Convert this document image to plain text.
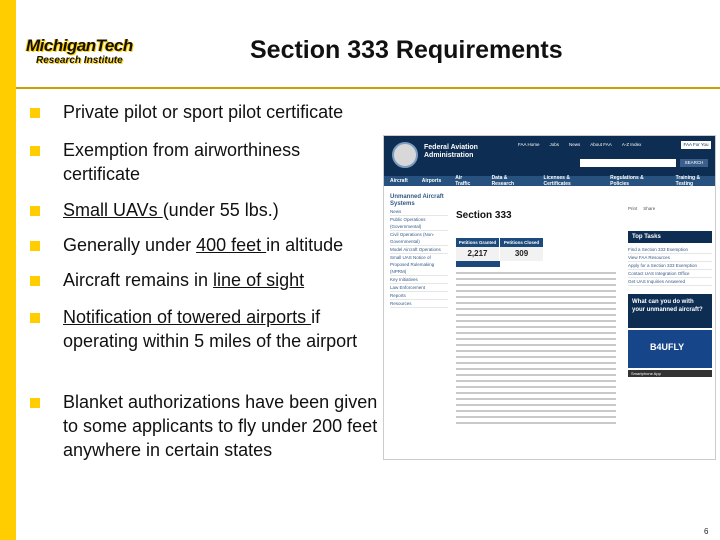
MichiganTech
Research Institute	Section 333 Requirements
Private pilot or sport pilot certificate
Exemption from airworthiness certificate
Small UAVs (under 55 lbs.)
Generally under 400 feet in altitude
Aircraft remains in line of sight
Notification of towered airports if operating within 5 miles of the airport
Blanket authorizations have been given to some applicants to fly under 200 feet anywhere in certain states
Federal Aviation
Administration
FAA Home Jobs News About FAA A-Z Index	FAA For You
SEARCH
Aircraft	Airports	Air Traffic
Data & Research
Licenses & Certificates
Regulations & Policies
Training & Testing
Unmanned Aircraft Systems
News
Public Operations (Governmental)
Civil Operations (Non-Governmental)
Model Aircraft Operations
Small UAS Notice of Proposed Rulemaking (NPRM)
Key Initiatives
Law Enforcement
Reports
Resources
Section 333
Petitions Granted	Petitions Closed
2,217	309
Print Share
Top Tasks
Find a Section 333 Exemption
View FAA Resources
Apply for a Section 333 Exemption
Contact UAS Integration Office
Get UAS Inquiries Answered
What can you do with your unmanned aircraft?
B4UFLY
Smartphone App
6
